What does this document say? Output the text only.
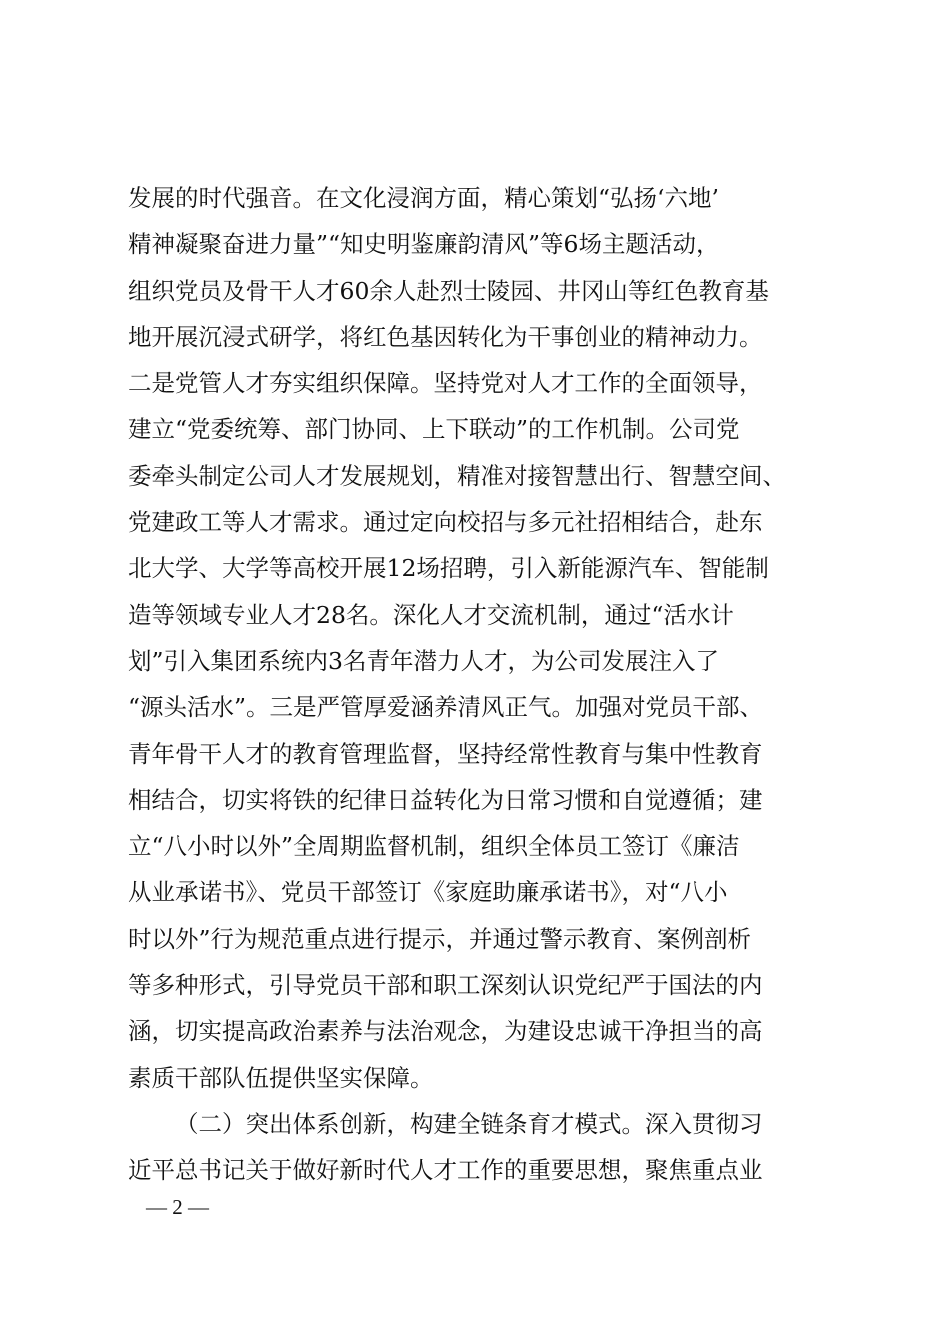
发展的时代强音。在文化浸润方面，精心策划“弘扬‘六地’
精神凝聚奋进力量”“知史明鉴廉韵清风”等6场主题活动，
组织党员及骨干人才60余人赴烈士陵园、井冈山等红色教育基
地开展沉浸式研学，将红色基因转化为干事创业的精神动力。
二是党管人才夯实组织保障。坚持党对人才工作的全面领导，
建立“党委统筹、部门协同、上下联动”的工作机制。公司党
委牵头制定公司人才发展规划，精准对接智慧出行、智慧空间、
党建政工等人才需求。通过定向校招与多元社招相结合，赴东
北大学、大学等高校开展12场招聘，引入新能源汽车、智能制
造等领域专业人才28名。深化人才交流机制，通过“活水计
划”引入集团系统内3名青年潜力人才，为公司发展注入了
“源头活水”。三是严管厚爱涵养清风正气。加强对党员干部、
青年骨干人才的教育管理监督，坚持经常性教育与集中性教育
相结合，切实将铁的纪律日益转化为日常习惯和自觉遵循；建
立“八小时以外”全周期监督机制，组织全体员工签订《廉洁
从业承诺书》、党员干部签订《家庭助廉承诺书》，对“八小
时以外”行为规范重点进行提示，并通过警示教育、案例剖析
等多种形式，引导党员干部和职工深刻认识党纪严于国法的内
涵，切实提高政治素养与法治观念，为建设忠诚干净担当的高
素质干部队伍提供坚实保障。
（二）突出体系创新，构建全链条育才模式。深入贯彻习
近平总书记关于做好新时代人才工作的重要思想，聚焦重点业
— 2 —
